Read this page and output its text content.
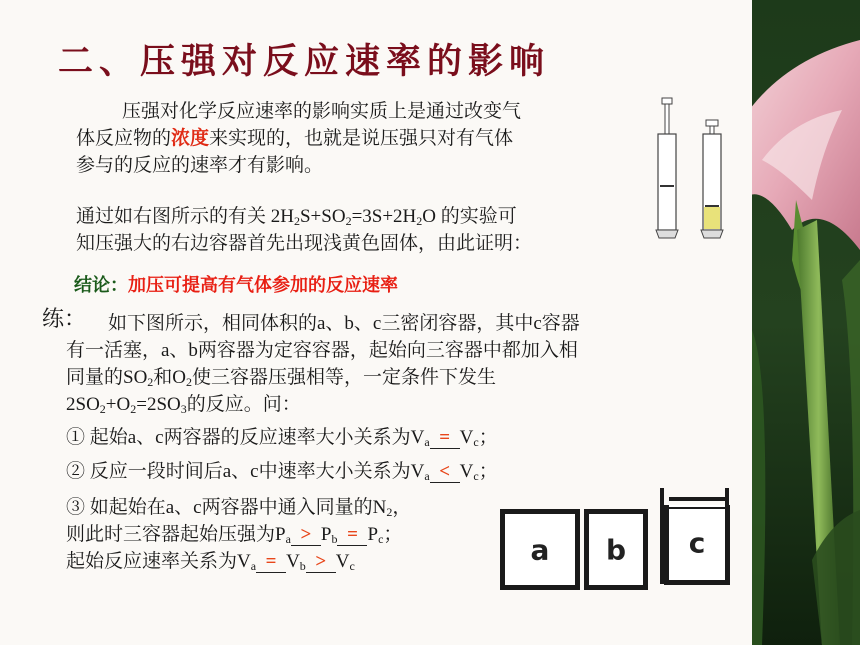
二、压强对反应速率的影响
压强对化学反应速率的影响实质上是通过改变气
体反应物的浓度来实现的，也就是说压强只对有气体
参与的反应的速率才有影响。
通过如右图所示的有关 $2H_2S+SO_2=3S+2H_2O$ 的实验可
知压强大的右边容器首先出现浅黄色固体，由此证明：
结论：加压可提高有气体参加的反应速率
练：	如下图所示，相同体积的a、b、c三密闭容器，其中c容器
有一活塞，a、b两容器为定容容器，起始向三容器中都加入相
同量的$SO_2$和$O_2$使三容器压强相等，一定条件下发生
$2SO_2+O_2=2SO_3$的反应。问：
① 起始a、c两容器的反应速率大小关系为$V_a = V_c$；
② 反应一段时间后a、c中速率大小关系为$V_a < V_c$；
③ 如起始在a、c两容器中通入同量的$N_2$，
则此时三容器起始压强为$P_a > P_b = P_c$；
起始反应速率关系为$V_a = V_b > V_c$	a	b	c
